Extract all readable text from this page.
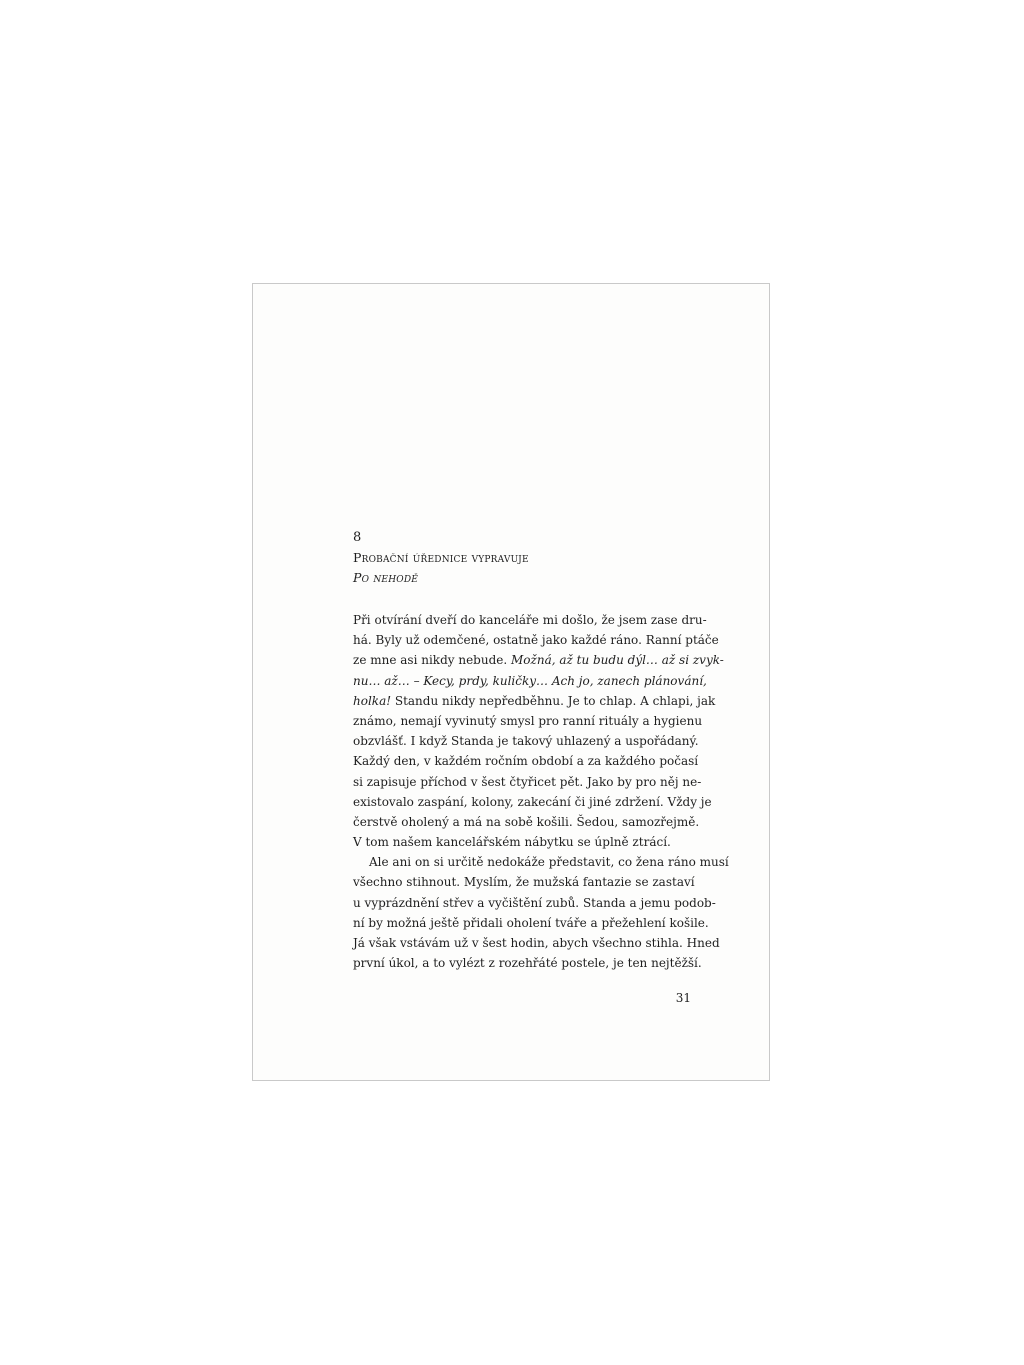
8

Probační úřednice vypravuje

Po nehodě

Při otvírání dveří do kanceláře mi došlo, že jsem zase dru-
há. Byly už odemčené, ostatně jako každé ráno. Ranní ptáče
ze mne asi nikdy nebude. Možná, až tu budu dýl… až si zvyk-
nu… až… – Kecy, prdy, kuličky… Ach jo, zanech plánování,
holka! Standu nikdy nepředběhnu. Je to chlap. A chlapi, jak
známo, nemají vyvinutý smysl pro ranní rituály a hygienu
obzvlášť. I když Standa je takový uhlazený a uspořádaný.
Každý den, v každém ročním období a za každého počasí
si zapisuje příchod v šest čtyřicet pět. Jako by pro něj ne-
existovalo zaspání, kolony, zakecání či jiné zdržení. Vždy je
čerstvě oholený a má na sobě košili. Šedou, samozřejmě.
V tom našem kancelářském nábytku se úplně ztrácí.
Ale ani on si určitě nedokáže představit, co žena ráno musí
všechno stihnout. Myslím, že mužská fantazie se zastaví
u vyprázdnění střev a vyčištění zubů. Standa a jemu podob-
ní by možná ještě přidali oholení tváře a přežehlení košile.
Já však vstávám už v šest hodin, abych všechno stihla. Hned
první úkol, a to vylézt z rozehřáté postele, je ten nejtěžší.
31
